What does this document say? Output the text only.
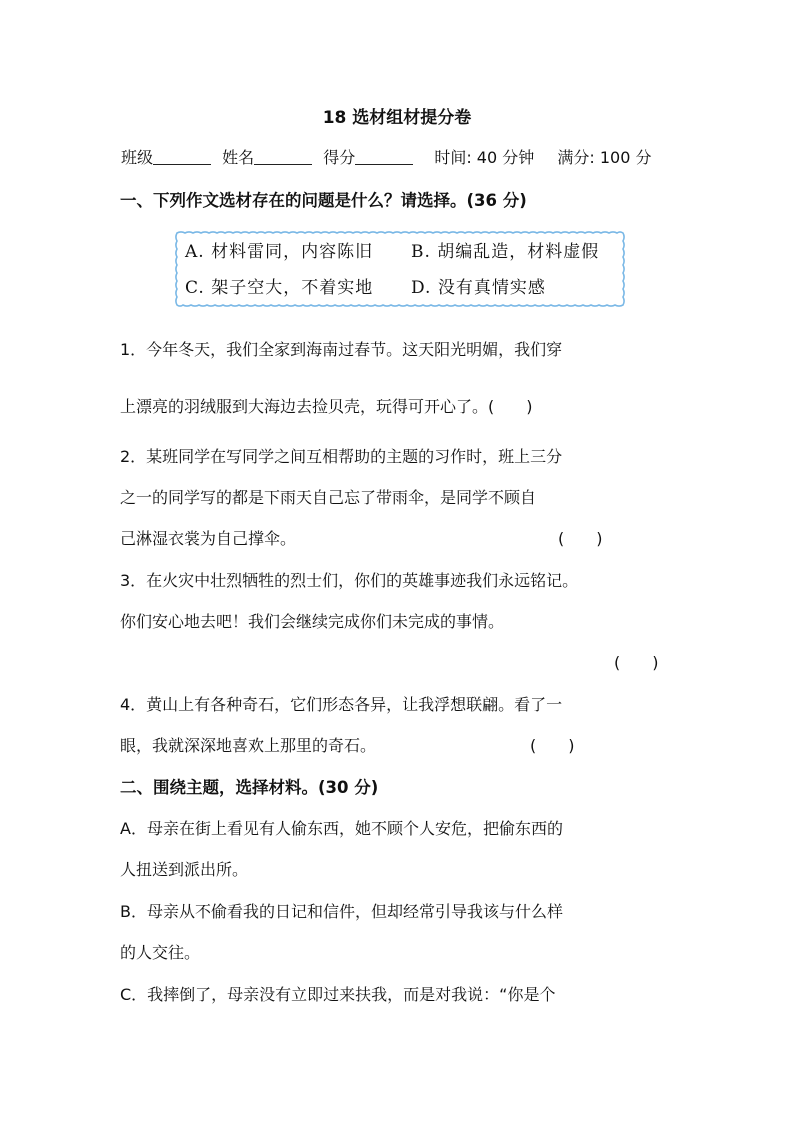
18 选材组材提分卷
班级	姓名	得分	时间: 40 分钟 满分: 100 分
一、下列作文选材存在的问题是什么？请选择。(36 分)
A. 材料雷同，内容陈旧 B. 胡编乱造，材料虚假
C. 架子空大，不着实地 D. 没有真情实感
1．今年冬天，我们全家到海南过春节。这天阳光明媚，我们穿
上漂亮的羽绒服到大海边去捡贝壳，玩得可开心了。(　　)
2．某班同学在写同学之间互相帮助的主题的习作时，班上三分
之一的同学写的都是下雨天自己忘了带雨伞，是同学不顾自
己淋湿衣裳为自己撑伞。	(　　)
3．在火灾中壮烈牺牲的烈士们，你们的英雄事迹我们永远铭记。
你们安心地去吧！我们会继续完成你们未完成的事情。
(　　)
4．黄山上有各种奇石，它们形态各异，让我浮想联翩。看了一
眼，我就深深地喜欢上那里的奇石。	(　　)
二、围绕主题，选择材料。(30 分)
A．母亲在街上看见有人偷东西，她不顾个人安危，把偷东西的
人扭送到派出所。
B．母亲从不偷看我的日记和信件，但却经常引导我该与什么样
的人交往。
C．我摔倒了，母亲没有立即过来扶我，而是对我说：“你是个
